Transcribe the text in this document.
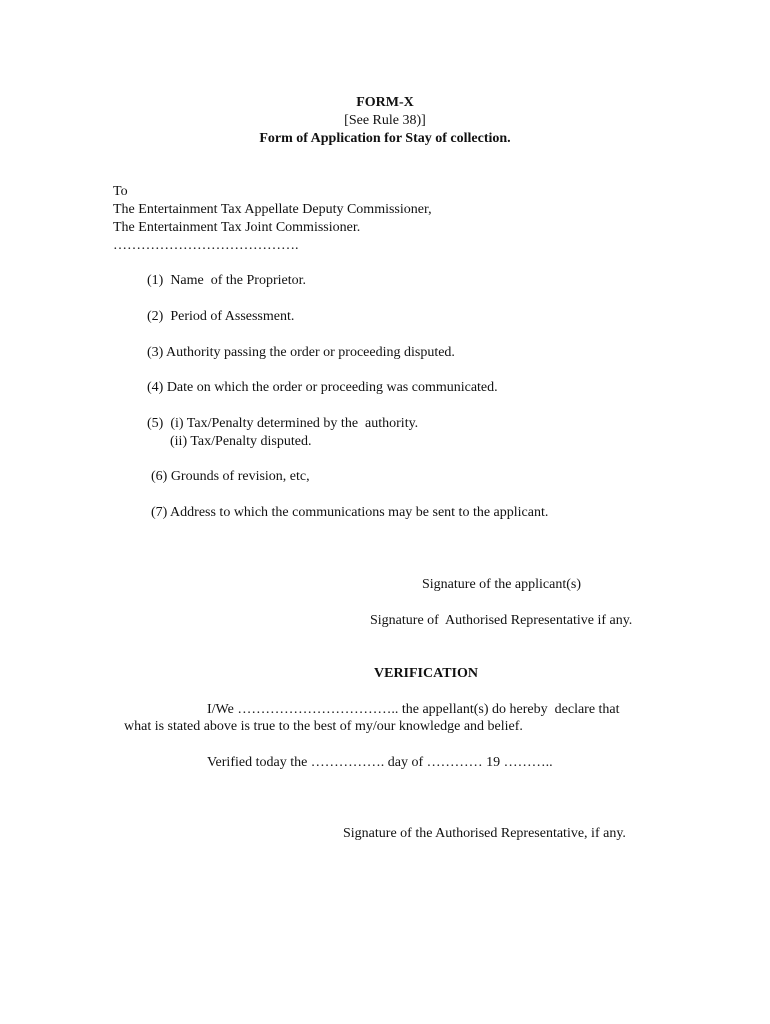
FORM-X
[See Rule 38)]
Form of Application for Stay of collection.
To
The Entertainment Tax Appellate Deputy Commissioner,
The Entertainment Tax Joint Commissioner.
………………………………….
(1)  Name  of the Proprietor.
(2)  Period of Assessment.
(3) Authority passing the order or proceeding disputed.
(4) Date on which the order or proceeding was communicated.
(5)  (i) Tax/Penalty determined by the  authority.
(ii) Tax/Penalty disputed.
(6) Grounds of revision, etc,
(7) Address to which the communications may be sent to the applicant.
Signature of the applicant(s)
Signature of  Authorised Representative if any.
VERIFICATION
I/We …………………………….. the appellant(s) do hereby  declare that
what is stated above is true to the best of my/our knowledge and belief.
Verified today the ……………. day of ………… 19 ………..
Signature of the Authorised Representative, if any.
